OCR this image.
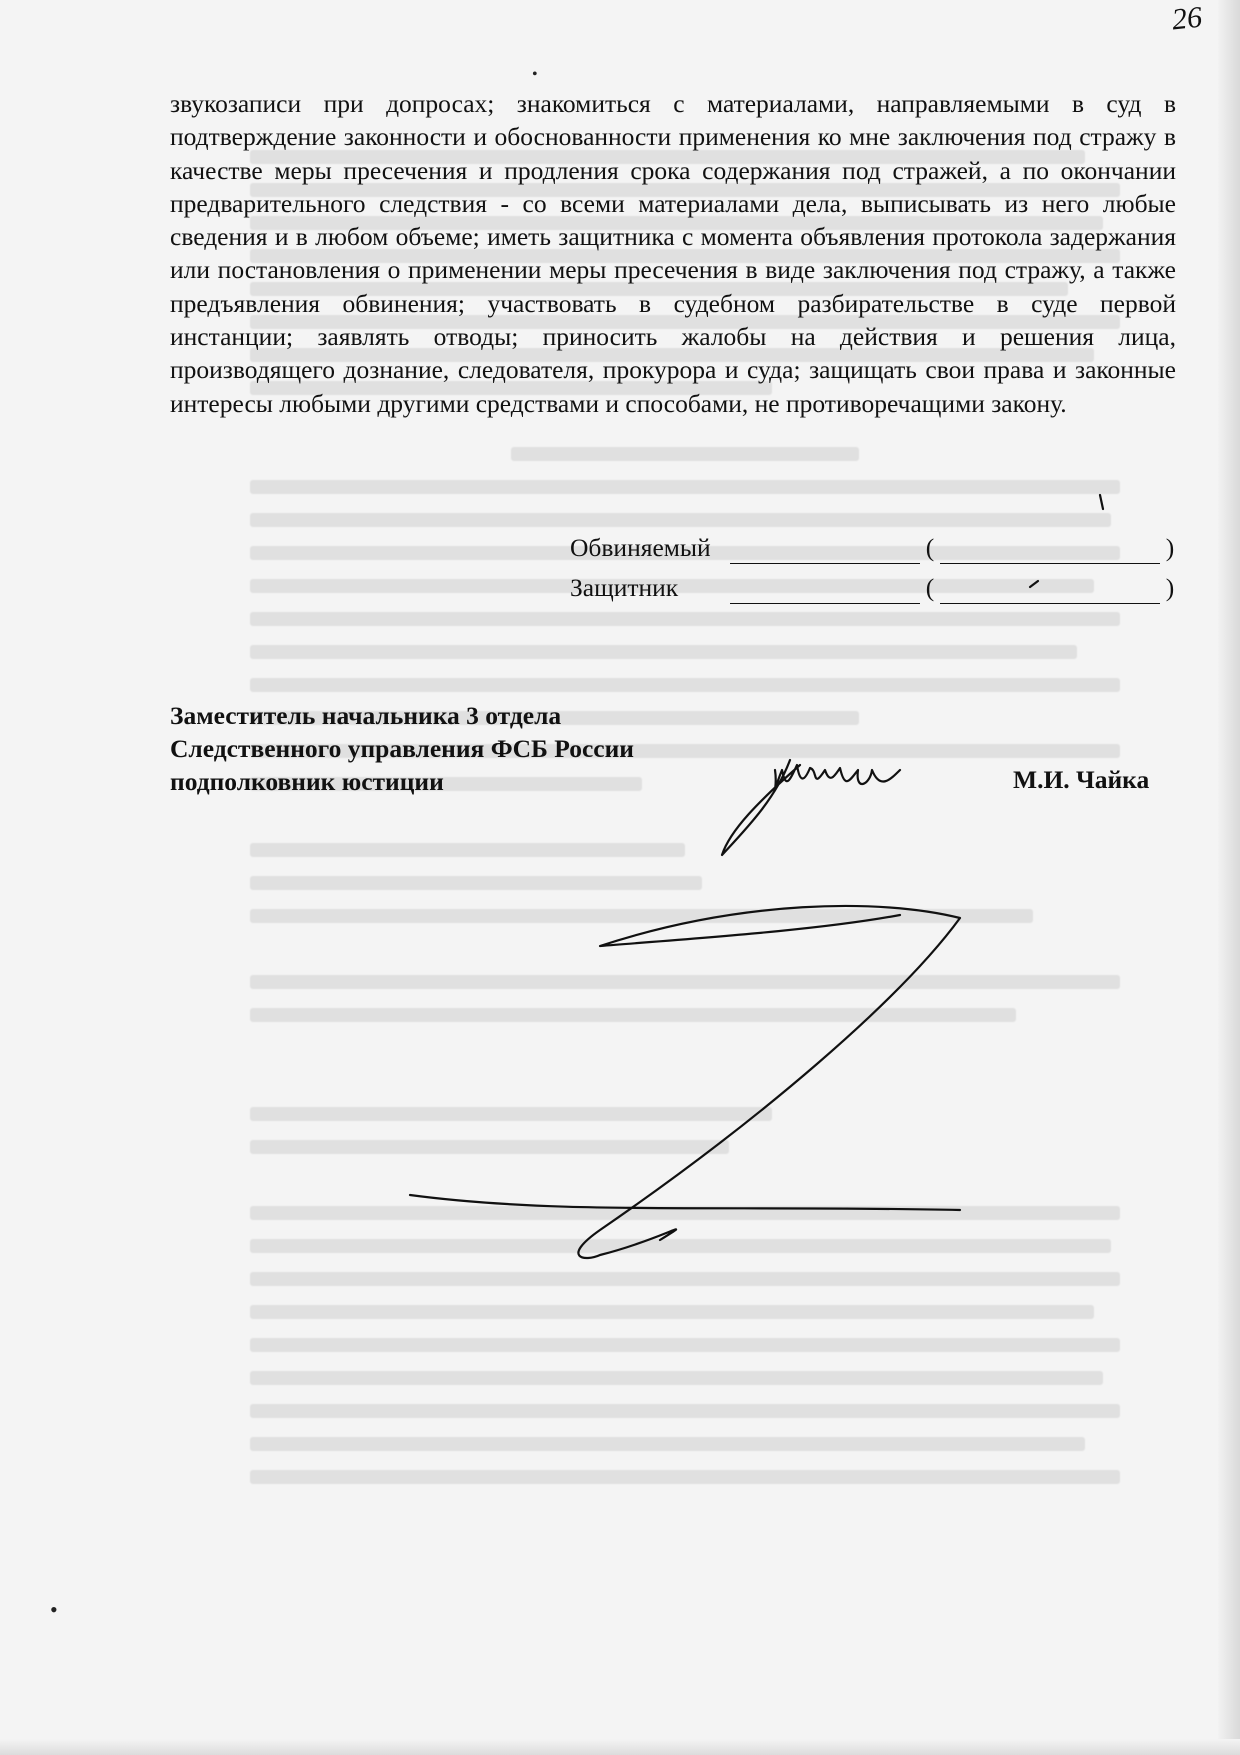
26
звукозаписи при допросах; знакомиться с материалами, направляемыми в суд в подтверждение законности и обоснованности применения ко мне заключения под стражу в качестве меры пресечения и продления срока содержания под стражей, а по окончании предварительного следствия - со всеми материалами дела, выписывать из него любые сведения и в любом объеме; иметь защитника с момента объявления протокола задержания или постановления о применении меры пресечения в виде заключения под стражу, а также предъявления обвинения; участвовать в судебном разбирательстве в суде первой инстанции; заявлять отводы; приносить жалобы на действия и решения лица, производящего дознание, следователя, прокурора и суда; защищать свои права и законные интересы любыми другими средствами и способами, не противоречащими закону.
Обвиняемый	(	)
Защитник	(	)
Заместитель начальника 3 отдела
Следственного управления ФСБ России
подполковник юстиции	М.И. Чайка
•
•
